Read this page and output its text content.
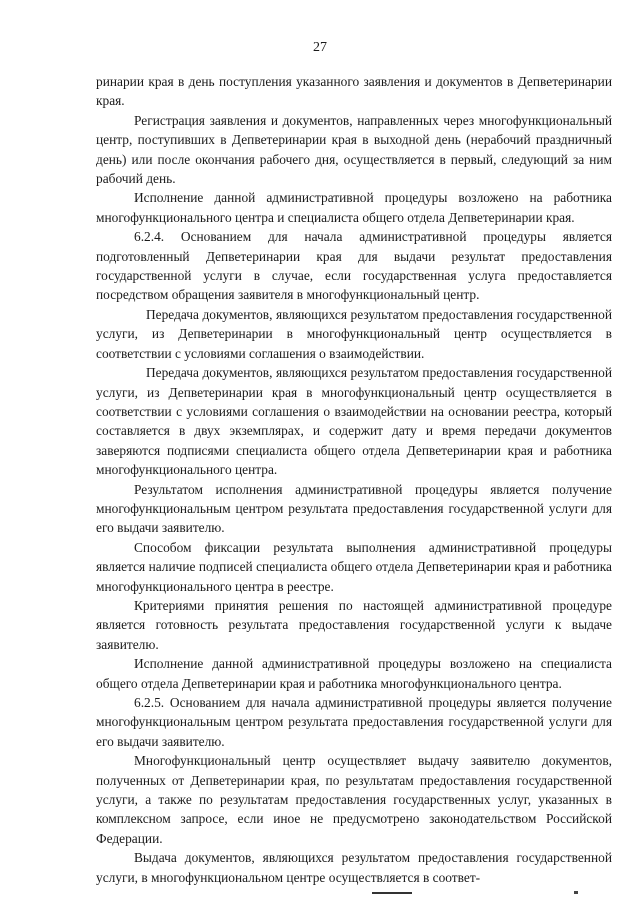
27

ринарии края в день поступления указанного заявления и документов в Депветеринарии края.

Регистрация заявления и документов, направленных через многофункциональный центр, поступивших в Депветеринарии края в выходной день (нерабочий праздничный день) или после окончания рабочего дня, осуществляется в первый, следующий за ним рабочий день.

Исполнение данной административной процедуры возложено на работника многофункционального центра и специалиста общего отдела Депветеринарии края.

6.2.4. Основанием для начала административной процедуры является подготовленный Депветеринарии края для выдачи результат предоставления государственной услуги в случае, если государственная услуга предоставляется посредством обращения заявителя в многофункциональный центр.

Передача документов, являющихся результатом предоставления государственной услуги, из Депветеринарии в многофункциональный центр осуществляется в соответствии с условиями соглашения о взаимодействии.

Передача документов, являющихся результатом предоставления государственной услуги, из Депветеринарии края в многофункциональный центр осуществляется в соответствии с условиями соглашения о взаимодействии на основании реестра, который составляется в двух экземплярах, и содержит дату и время передачи документов заверяются подписями специалиста общего отдела Депветеринарии края и работника многофункционального центра.

Результатом исполнения административной процедуры является получение многофункциональным центром результата предоставления государственной услуги для его выдачи заявителю.

Способом фиксации результата выполнения административной процедуры является наличие подписей специалиста общего отдела Депветеринарии края и работника многофункционального центра в реестре.

Критериями принятия решения по настоящей административной процедуре является готовность результата предоставления государственной услуги к выдаче заявителю.

Исполнение данной административной процедуры возложено на специалиста общего отдела Депветеринарии края и работника многофункционального центра.

6.2.5. Основанием для начала административной процедуры является получение многофункциональным центром результата предоставления государственной услуги для его выдачи заявителю.

Многофункциональный центр осуществляет выдачу заявителю документов, полученных от Депветеринарии края, по результатам предоставления государственной услуги, а также по результатам предоставления государственных услуг, указанных в комплексном запросе, если иное не предусмотрено законодательством Российской Федерации.

Выдача документов, являющихся результатом предоставления государственной услуги, в многофункциональном центре осуществляется в соответ-
